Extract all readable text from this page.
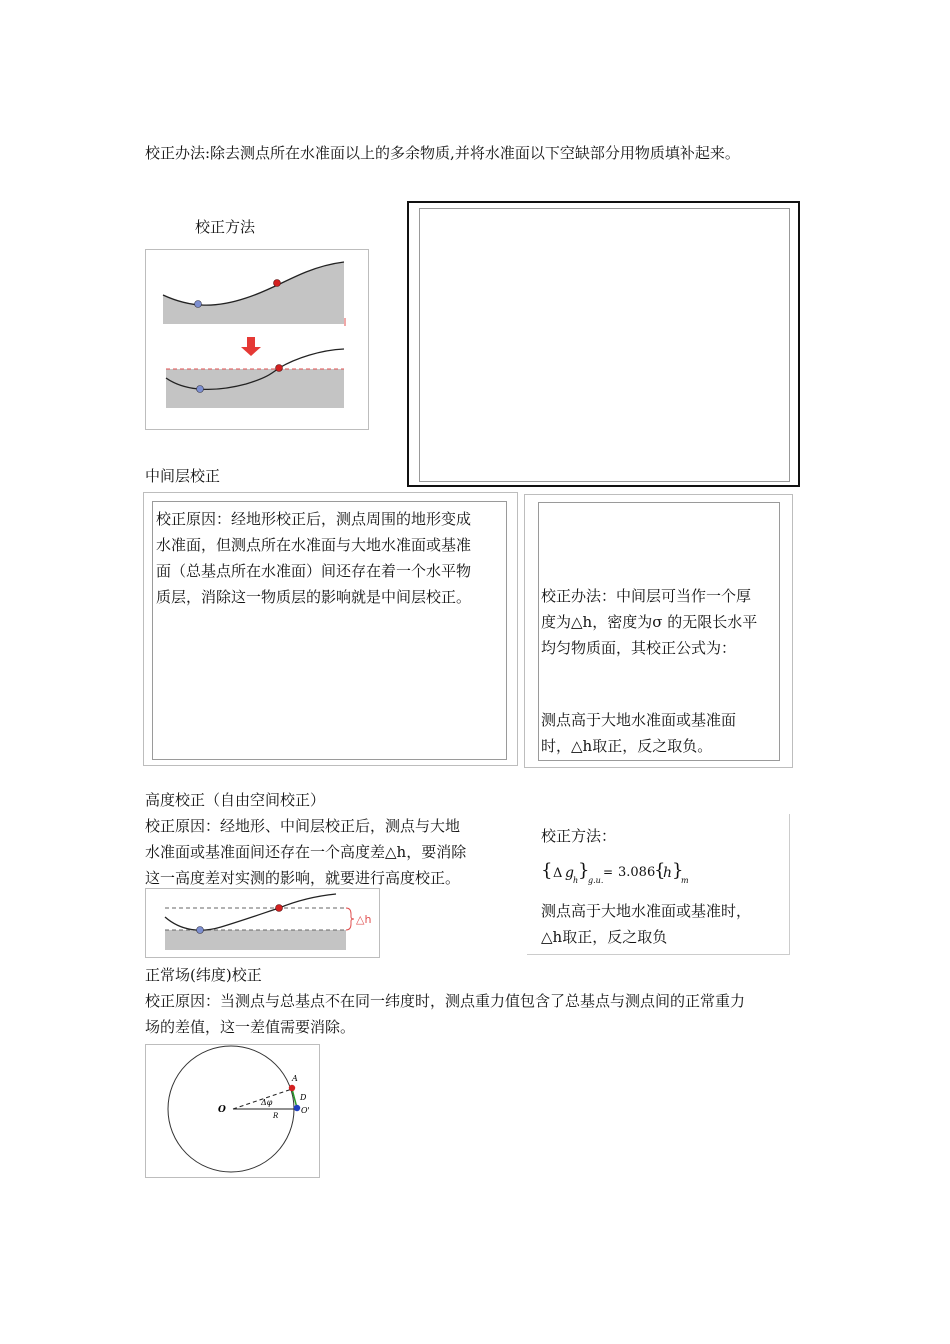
校正办法:除去测点所在水准面以上的多余物质,并将水准面以下空缺部分用物质填补起来。
校正方法
中间层校正
校正原因：经地形校正后，测点周围的地形变成
水准面，但测点所在水准面与大地水准面或基准
面（总基点所在水准面）间还存在着一个水平物
质层，消除这一物质层的影响就是中间层校正。	校正办法：中间层可当作一个厚
度为△h，密度为σ 的无限长水平
均匀物质面，其校正公式为：
测点高于大地水准面或基准面
时，△h取正，反之取负。
高度校正（自由空间校正）
校正原因：经地形、中间层校正后，测点与大地
水准面或基准面间还存在一个高度差△h，要消除
这一高度差对实测的影响，就要进行高度校正。
校正方法：
{ Δ g h }
g.u.
= 3.086
{
h }
m
测点高于大地水准面或基准时，
△h取正，反之取负
△h
正常场(纬度)校正
校正原因：当测点与总基点不在同一纬度时，测点重力值包含了总基点与测点间的正常重力
场的差值，这一差值需要消除。
O
A
D
O'
Δφ
R
